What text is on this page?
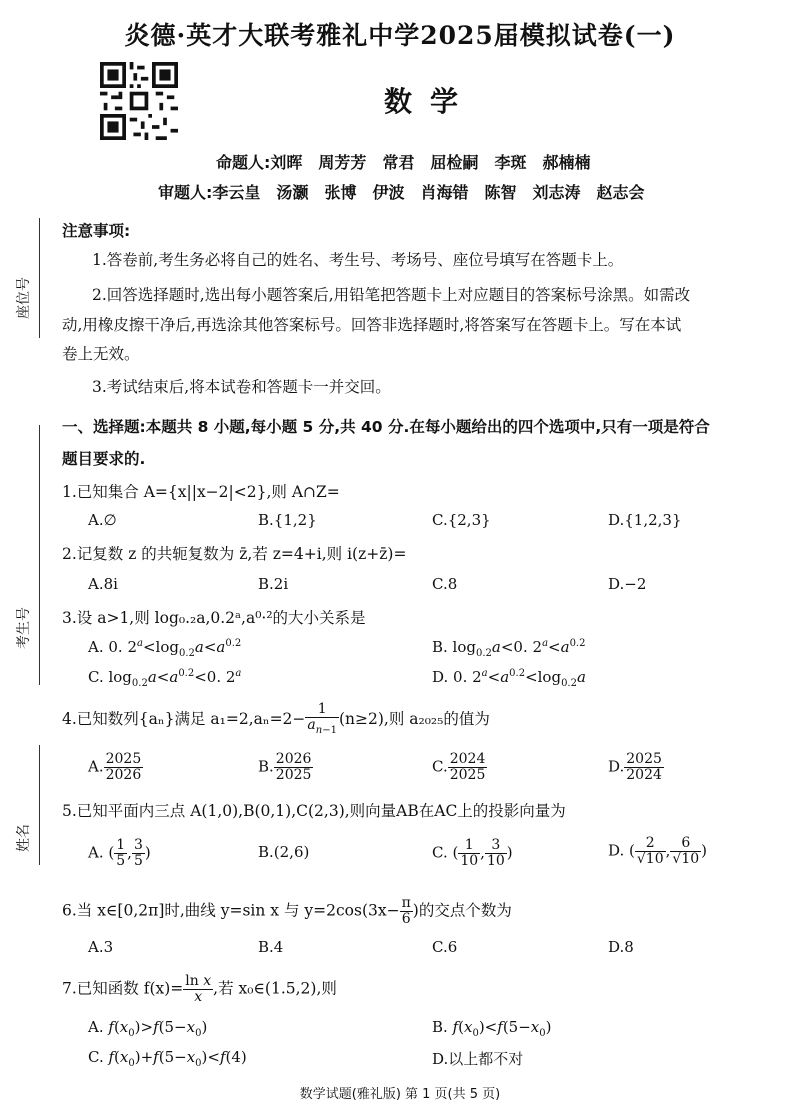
炎德·英才大联考雅礼中学2025届模拟试卷(一)
数学
命题人:刘晖 周芳芳 常君 屈检嗣 李斑 郝楠楠
审题人:李云皇 汤灏 张博 伊波 肖海错 陈智 刘志涛 赵志会
座位号
考生号
姓名
注意事项:
1.答卷前,考生务必将自己的姓名、考生号、考场号、座位号填写在答题卡上。
2.回答选择题时,选出每小题答案后,用铅笔把答题卡上对应题目的答案标号涂黑。如需改
动,用橡皮擦干净后,再选涂其他答案标号。回答非选择题时,将答案写在答题卡上。写在本试
卷上无效。
3.考试结束后,将本试卷和答题卡一并交回。
一、选择题:本题共 8 小题,每小题 5 分,共 40 分.在每小题给出的四个选项中,只有一项是符合
题目要求的.
1.已知集合 A={x||x−2|<2},则 A∩Z=
A.∅	B.{1,2}	C.{2,3}	D.{1,2,3}
2.记复数 z 的共轭复数为 z̄,若 z=4+i,则 i(z+z̄)=
A.8i	B.2i	C.8	D.−2
3.设 a>1,则 log₀.₂a,0.2ᵃ,a⁰·²的大小关系是
A. 0. $2^a<\log_{0.2}a<a^{0.2}$	B. $\log_{0.2}a<0$. $2^a<a^{0.2}$
C. $\log_{0.2}a<a^{0.2}<0$. 2$^a$	D. 0. $2^a<a^{0.2}<\log_{0.2}a$
4.已知数列{aₙ}满足 $a_1=2,a_n=2- \frac{1}{a_{n-1}} (n\ge 2)$,则 a₂₀₂₅的值为
A. $\frac{2025}{2026}$	B. $\frac{2026}{2025}$	C. $\frac{2024}{2025}$	D. $\frac{2025}{2024}$
5.已知平面内三点 A(1,0),B(0,1),C(2,3),则向量AB在AC上的投影向量为
A. ( $\frac{1}{5}$ , $\frac{3}{5}$ )	B.(2,6)	C. ( $\frac{1}{10}$ , $\frac{3}{10}$ )	D. ( $\frac{2}{√10}$ , $\frac{6}{√10}$ )
6.当 x∈[0,2π]时,曲线 y=sin x 与 $y=2\cos(3x- \frac{\pi}{6}$ )的交点个数为
A.3	B.4	C.6	D.8
7.已知函数 $f(x)= \frac{\text{ln x}}{x}$ ,若 x₀∈(1.5,2),则
A. $f(x_0)>f(5-x_0)$	B. $f(x_0)<f(5-x_0)$
C. $f(x_0)+f(5-x_0)<f(4)$	D.以上都不对
数学试题(雅礼版) 第 1 页(共 5 页)
